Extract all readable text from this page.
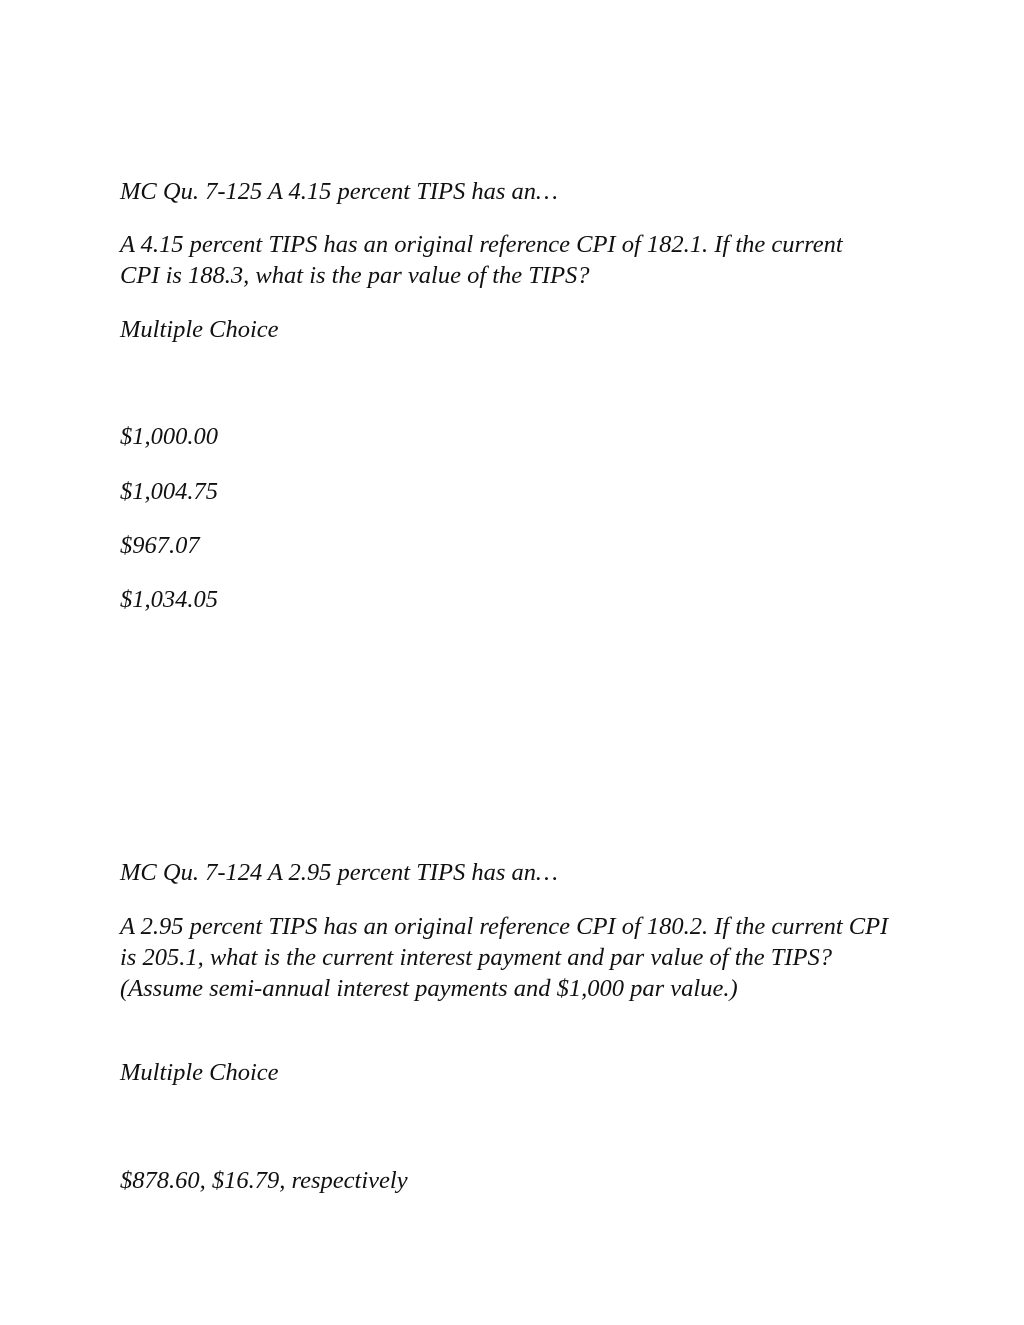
MC Qu. 7-125 A 4.15 percent TIPS has an…

A 4.15 percent TIPS has an original reference CPI of 182.1. If the current CPI is 188.3, what is the par value of the TIPS?

Multiple Choice

$1,000.00

$1,004.75

$967.07

$1,034.05

MC Qu. 7-124 A 2.95 percent TIPS has an…

A 2.95 percent TIPS has an original reference CPI of 180.2. If the current CPI is 205.1, what is the current interest payment and par value of the TIPS? (Assume semi-annual interest payments and $1,000 par value.)

Multiple Choice

$878.60, $16.79, respectively
